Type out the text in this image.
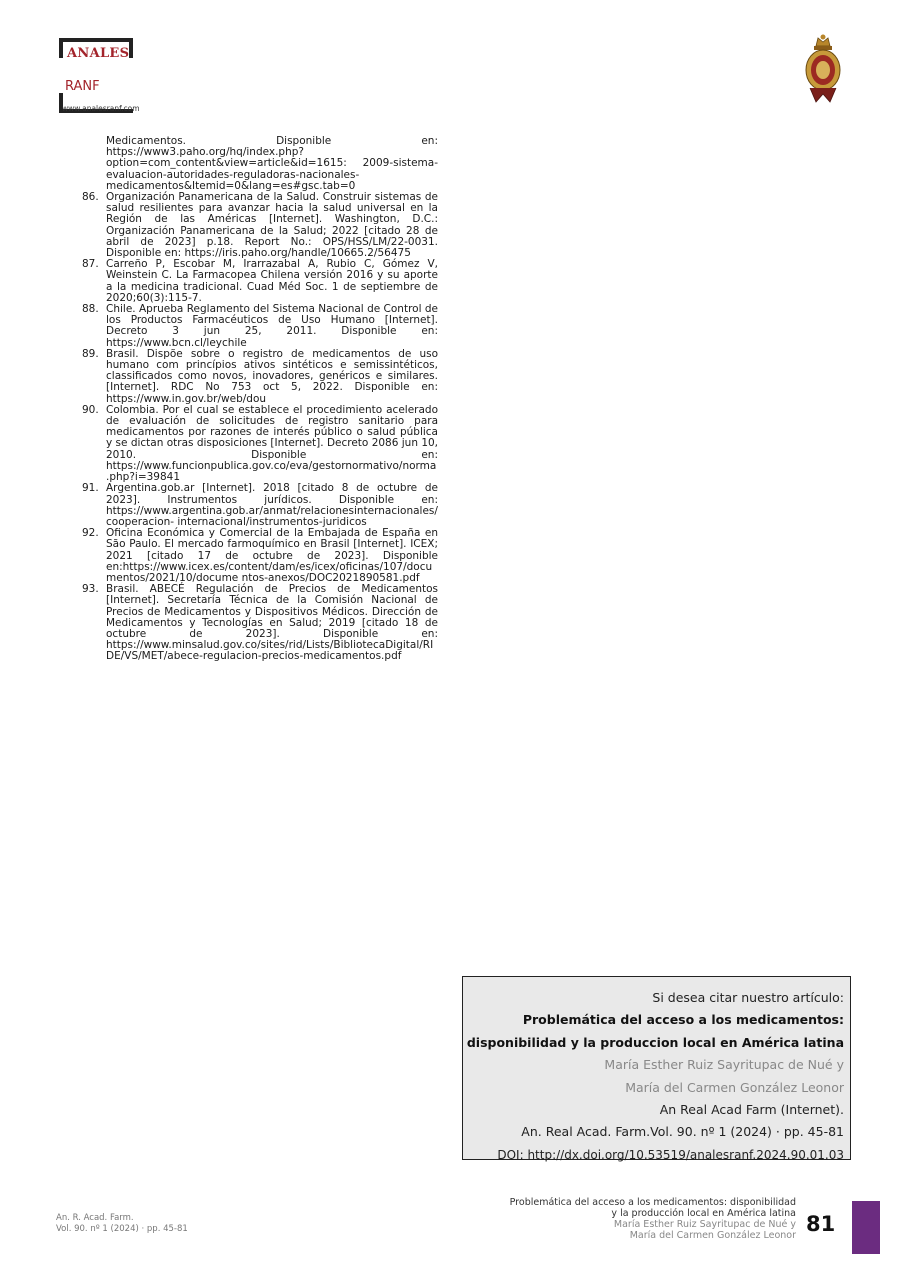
ANALES
RANF
www.analesranf.com

Medicamentos. Disponible en: https://www3.paho.org/hq/index.php?option=com_content&view=article&id=1615: 2009-sistema-evaluacion-autoridades-reguladoras-nacionales-medicamentos&Itemid=0&lang=es#gsc.tab=0

86. Organización Panamericana de la Salud. Construir sistemas de salud resilientes para avanzar hacia la salud universal en la Región de las Américas [Internet]. Washington, D.C.: Organización Panamericana de la Salud; 2022 [citado 28 de abril de 2023] p.18. Report No.: OPS/HSS/LM/22-0031. Disponible en: https://iris.paho.org/handle/10665.2/56475

87. Carreño P, Escobar M, Irarrazabal A, Rubio C, Gómez V, Weinstein C. La Farmacopea Chilena versión 2016 y su aporte a la medicina tradicional. Cuad Méd Soc. 1 de septiembre de 2020;60(3):115-7.

88. Chile. Aprueba Reglamento del Sistema Nacional de Control de los Productos Farmacéuticos de Uso Humano [Internet]. Decreto 3 jun 25, 2011. Disponible en: https://www.bcn.cl/leychile

89. Brasil. Dispõe sobre o registro de medicamentos de uso humano com princípios ativos sintéticos e semissintéticos, classificados como novos, inovadores, genéricos e similares. [Internet]. RDC No 753 oct 5, 2022. Disponible en: https://www.in.gov.br/web/dou

90. Colombia. Por el cual se establece el procedimiento acelerado de evaluación de solicitudes de registro sanitario para medicamentos por razones de interés público o salud pública y se dictan otras disposiciones [Internet]. Decreto 2086 jun 10, 2010. Disponible en: https://www.funcionpublica.gov.co/eva/gestornormativo/norma.php?i=39841

91. Argentina.gob.ar [Internet]. 2018 [citado 8 de octubre de 2023]. Instrumentos jurídicos. Disponible en: https://www.argentina.gob.ar/anmat/relacionesinternacionales/cooperacion- internacional/instrumentos-juridicos

92. Oficina Económica y Comercial de la Embajada de España en São Paulo. El mercado farmoquímico en Brasil [Internet]. ICEX; 2021 [citado 17 de octubre de 2023]. Disponible en:https://www.icex.es/content/dam/es/icex/oficinas/107/documentos/2021/10/docume ntos-anexos/DOC2021890581.pdf

93. Brasil. ABECÉ Regulación de Precios de Medicamentos [Internet]. Secretaría Técnica de la Comisión Nacional de Precios de Medicamentos y Dispositivos Médicos. Dirección de Medicamentos y Tecnologías en Salud; 2019 [citado 18 de octubre de 2023]. Disponible en: https://www.minsalud.gov.co/sites/rid/Lists/BibliotecaDigital/RIDE/VS/MET/abece-regulacion-precios-medicamentos.pdf

Si desea citar nuestro artículo:
Problemática del acceso a los medicamentos:
disponibilidad y la produccion local en América latina
María Esther Ruiz Sayritupac de Nué y
María del Carmen González Leonor
An Real Acad Farm (Internet).
An. Real Acad. Farm.Vol. 90. nº 1 (2024) · pp. 45-81
DOI: http://dx.doi.org/10.53519/analesranf.2024.90.01.03
An. R. Acad. Farm.
Vol. 90. nº 1 (2024) · pp. 45-81
Problemática del acceso a los medicamentos: disponibilidad
y la producción local en América latina
María Esther Ruiz Sayritupac de Nué y
María del Carmen González Leonor 81
